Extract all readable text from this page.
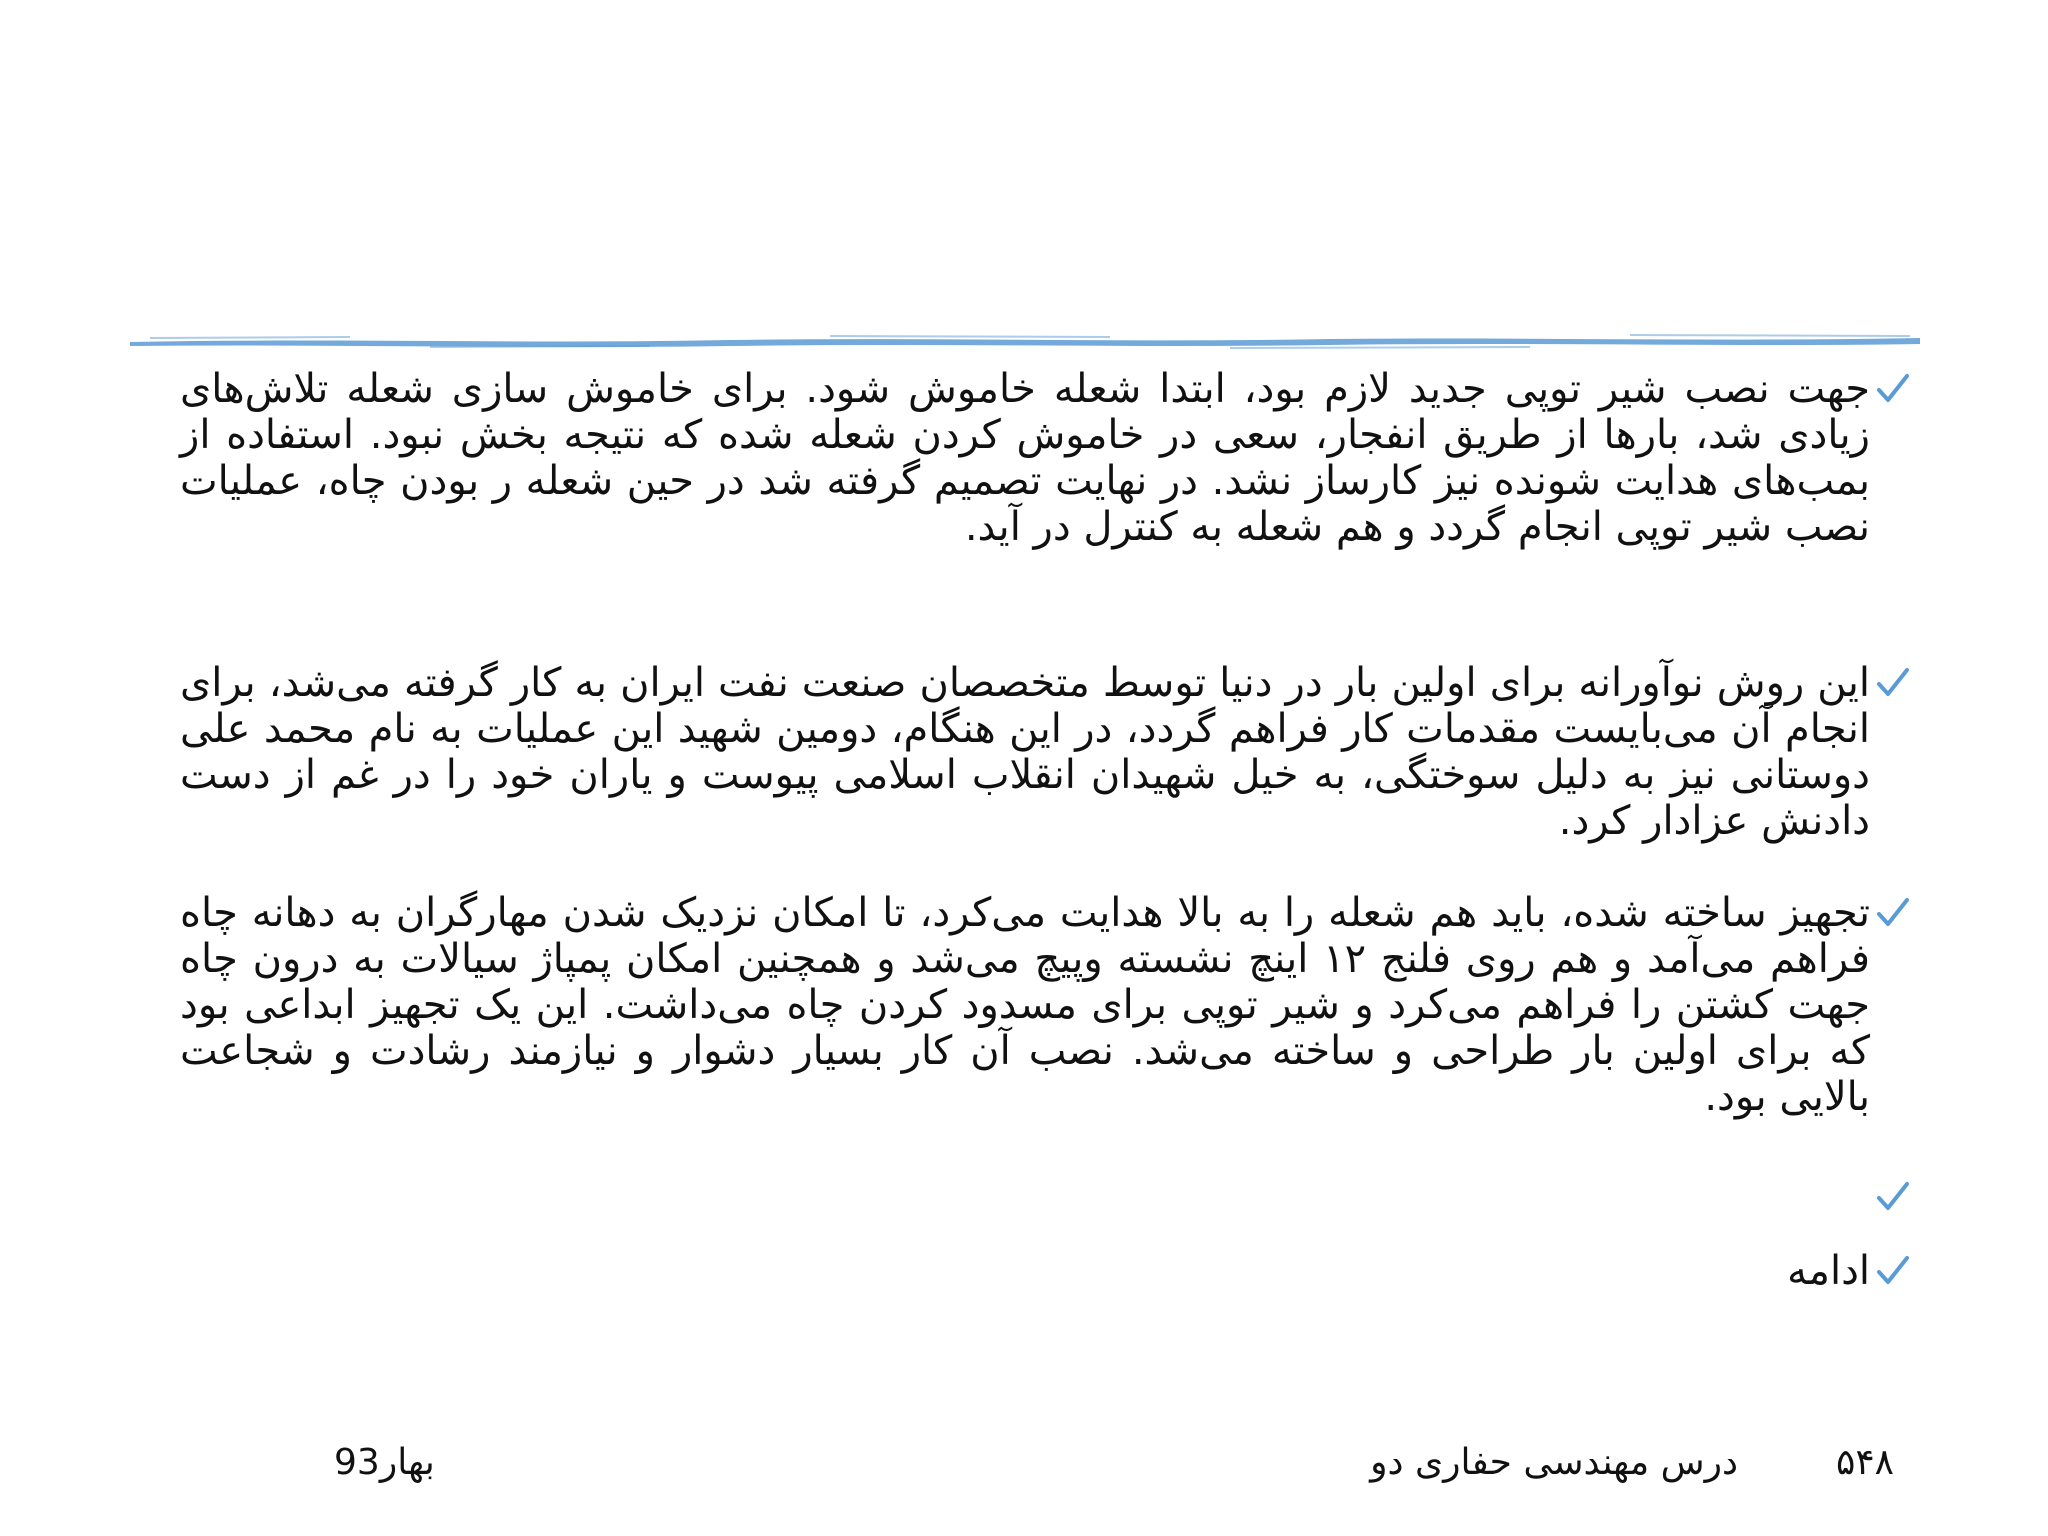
جهت نصب شیر توپی جدید لازم بود، ابتدا شعله خاموش شود. برای خاموش سازی شعله تلاش‌های زیادی شد، بارها از طریق انفجار، سعی در خاموش کردن شعله شده که نتیجه بخش نبود. استفاده از بمب‌های هدایت شونده نیز کارساز نشد. در نهایت تصمیم گرفته شد در حین شعله ر بودن چاه، عملیات نصب شیر توپی انجام گردد و هم شعله به کنترل در آید.
این روش نوآورانه برای اولین بار در دنیا توسط متخصصان صنعت نفت ایران به کار گرفته می‌شد، برای انجام آن می‌بایست مقدمات کار فراهم گردد، در این هنگام، دومین شهید این عملیات به نام محمد علی دوستانی نیز به دلیل سوختگی، به خیل شهیدان انقلاب اسلامی پیوست و یاران خود را در غم از دست دادنش عزادار کرد.
تجهیز ساخته شده، باید هم شعله را به بالا هدایت می‌کرد، تا امکان نزدیک شدن مهارگران به دهانه چاه فراهم می‌آمد و هم روی فلنج ۱۲ اینچ نشسته وپیچ می‌شد و همچنین امکان پمپاژ سیالات به درون چاه جهت کشتن را فراهم می‌کرد و شیر توپی برای مسدود کردن چاه می‌داشت. این یک تجهیز ابداعی بود که برای اولین بار طراحی و ساخته می‌شد. نصب آن کار بسیار دشوار و نیازمند رشادت و شجاعت بالایی بود.
ادامه
۵۴۸
درس مهندسی حفاری دو
93بهار
